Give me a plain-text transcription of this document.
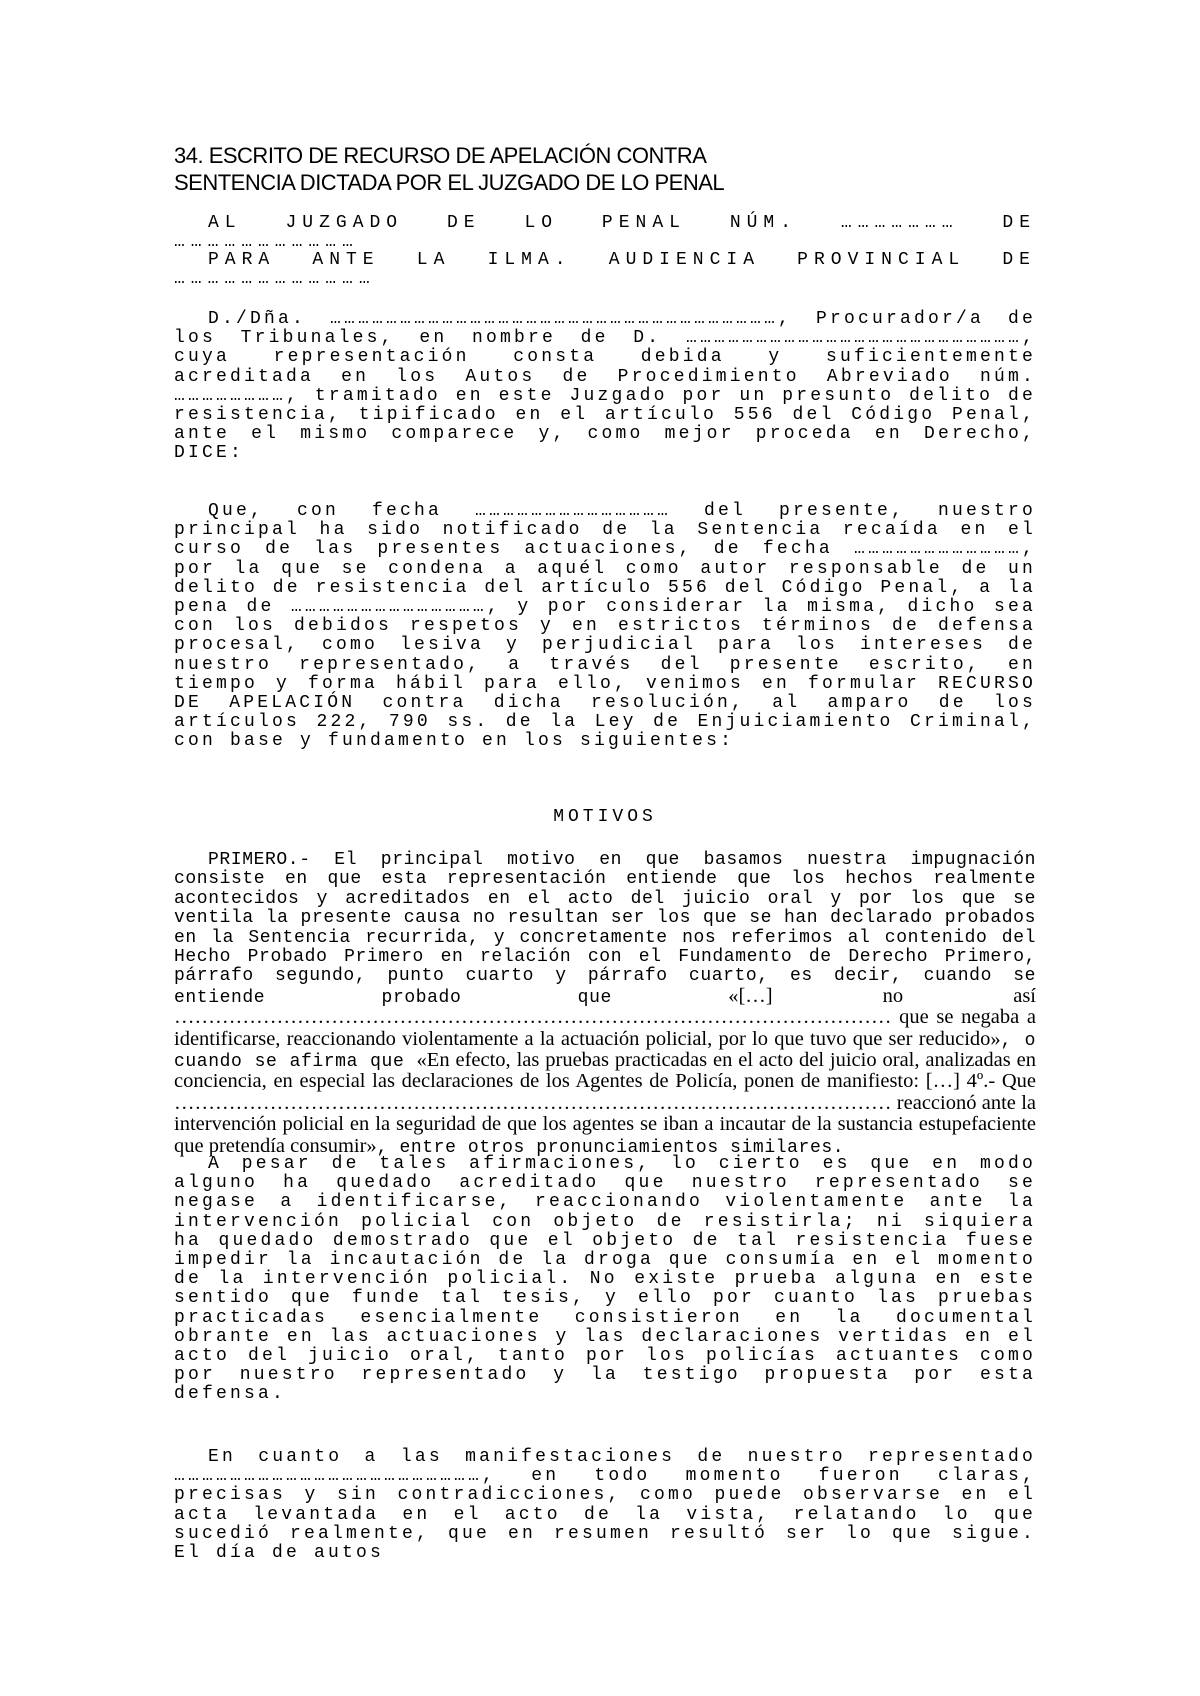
34. ESCRITO DE RECURSO DE APELACIÓN CONTRA
SENTENCIA DICTADA POR EL JUZGADO DE LO PENAL

AL JUZGADO DE LO PENAL NÚM. ………………… DE ……………………………

PARA ANTE LA ILMA. AUDIENCIA PROVINCIAL DE ………………………………

D./Dña. ……………………………………………………………………………………, Procurador/a de los Tribunales, en nombre de D. ………………………………………………………………, cuya representación consta debida y suficientemente acreditada en los Autos de Procedimiento Abreviado núm. ……………………, tramitado en este Juzgado por un presunto delito de resistencia, tipificado en el artículo 556 del Código Penal, ante el mismo comparece y, como mejor proceda en Derecho, DICE:

Que, con fecha …………………………………… del presente, nuestro principal ha sido notificado de la Sentencia recaída en el curso de las presentes actuaciones, de fecha ………………………………, por la que se condena a aquél como autor responsable de un delito de resistencia del artículo 556 del Código Penal, a la pena de ……………………………………, y por considerar la misma, dicho sea con los debidos respetos y en estrictos términos de defensa procesal, como lesiva y perjudicial para los intereses de nuestro representado, a través del presente escrito, en tiempo y forma hábil para ello, venimos en formular RECURSO DE APELACIÓN contra dicha resolución, al amparo de los artículos 222, 790 ss. de la Ley de Enjuiciamiento Criminal, con base y fundamento en los siguientes:

MOTIVOS

PRIMERO.- El principal motivo en que basamos nuestra impugnación consiste en que esta representación entiende que los hechos realmente acontecidos y acreditados en el acto del juicio oral y por los que se ventila la presente causa no resultan ser los que se han declarado probados en la Sentencia recurrida, y concretamente nos referimos al contenido del Hecho Probado Primero en relación con el Fundamento de Derecho Primero, párrafo segundo, punto cuarto y párrafo cuarto, es decir, cuando se entiende probado que «[…] no así …………………………………………………………………………………………… que se negaba a identificarse, reaccionando violentamente a la actuación policial, por lo que tuvo que ser reducido», o cuando se afirma que «En efecto, las pruebas practicadas en el acto del juicio oral, analizadas en conciencia, en especial las declaraciones de los Agentes de Policía, ponen de manifiesto: […] 4º.- Que …………………………………………………………………………………………… reaccionó ante la intervención policial en la seguridad de que los agentes se iban a incautar de la sustancia estupefaciente que pretendía consumir», entre otros pronunciamientos similares.

A pesar de tales afirmaciones, lo cierto es que en modo alguno ha quedado acreditado que nuestro representado se negase a identificarse, reaccionando violentamente ante la intervención policial con objeto de resistirla; ni siquiera ha quedado demostrado que el objeto de tal resistencia fuese impedir la incautación de la droga que consumía en el momento de la intervención policial. No existe prueba alguna en este sentido que funde tal tesis, y ello por cuanto las pruebas practicadas esencialmente consistieron en la documental obrante en las actuaciones y las declaraciones vertidas en el acto del juicio oral, tanto por los policías actuantes como por nuestro representado y la testigo propuesta por esta defensa.

En cuanto a las manifestaciones de nuestro representado …………………………………………………………, en todo momento fueron claras, precisas y sin contradicciones, como puede observarse en el acta levantada en el acto de la vista, relatando lo que sucedió realmente, que en resumen resultó ser lo que sigue. El día de autos
